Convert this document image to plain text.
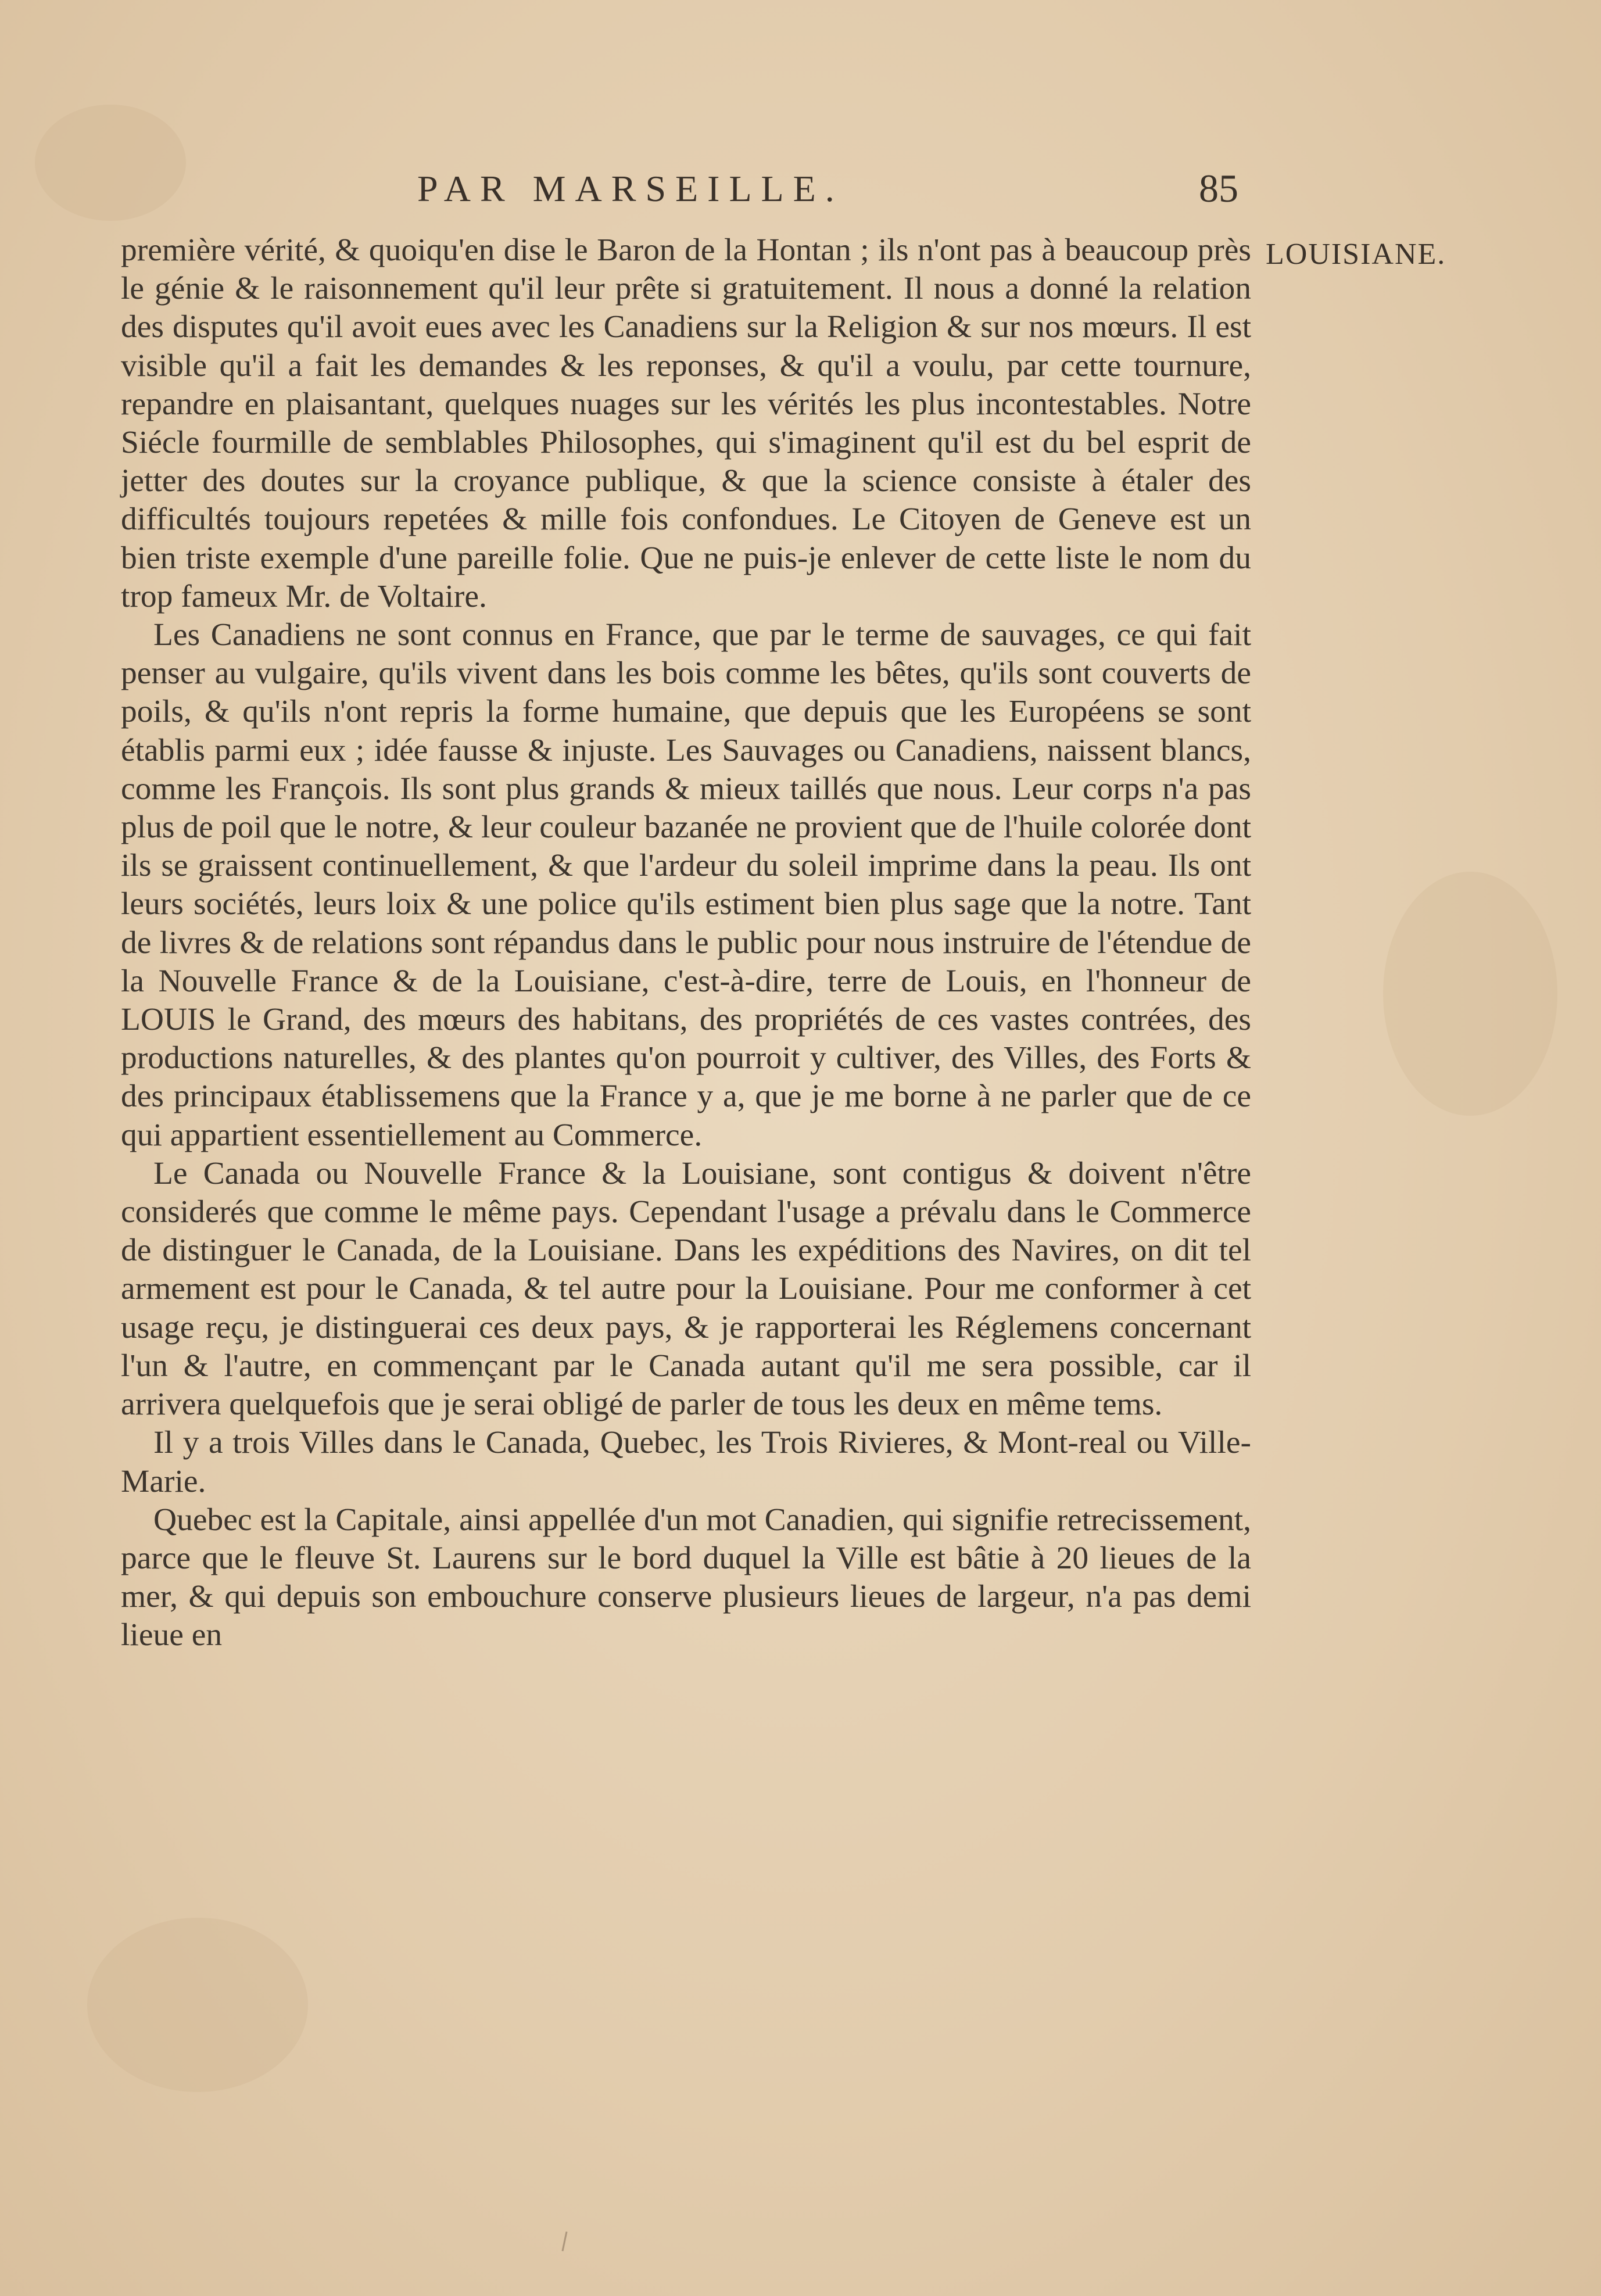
PAR MARSEILLE.	85
LOUISIANE.

première vérité, & quoiqu'en dise le Baron de la Hontan ; ils n'ont pas à beaucoup près le génie & le raisonnement qu'il leur prête si gratuitement. Il nous a donné la relation des disputes qu'il avoit eues avec les Canadiens sur la Religion & sur nos mœurs. Il est visible qu'il a fait les demandes & les reponses, & qu'il a voulu, par cette tournure, repandre en plaisantant, quelques nuages sur les vérités les plus incontestables. Notre Siécle fourmille de semblables Philosophes, qui s'imaginent qu'il est du bel esprit de jetter des doutes sur la croyance publique, & que la science consiste à étaler des difficultés toujours repetées & mille fois confondues. Le Citoyen de Geneve est un bien triste exemple d'une pareille folie. Que ne puis-je enlever de cette liste le nom du trop fameux Mr. de Voltaire.

Les Canadiens ne sont connus en France, que par le terme de sauvages, ce qui fait penser au vulgaire, qu'ils vivent dans les bois comme les bêtes, qu'ils sont couverts de poils, & qu'ils n'ont repris la forme humaine, que depuis que les Européens se sont établis parmi eux ; idée fausse & injuste. Les Sauvages ou Canadiens, naissent blancs, comme les François. Ils sont plus grands & mieux taillés que nous. Leur corps n'a pas plus de poil que le notre, & leur couleur bazanée ne provient que de l'huile colorée dont ils se graissent continuellement, & que l'ardeur du soleil imprime dans la peau. Ils ont leurs sociétés, leurs loix & une police qu'ils estiment bien plus sage que la notre. Tant de livres & de relations sont répandus dans le public pour nous instruire de l'étendue de la Nouvelle France & de la Louisiane, c'est-à-dire, terre de Louis, en l'honneur de LOUIS le Grand, des mœurs des habitans, des propriétés de ces vastes contrées, des productions naturelles, & des plantes qu'on pourroit y cultiver, des Villes, des Forts & des principaux établissemens que la France y a, que je me borne à ne parler que de ce qui appartient essentiellement au Commerce.

Le Canada ou Nouvelle France & la Louisiane, sont contigus & doivent n'être considerés que comme le même pays. Cependant l'usage a prévalu dans le Commerce de distinguer le Canada, de la Louisiane. Dans les expéditions des Navires, on dit tel armement est pour le Canada, & tel autre pour la Louisiane. Pour me conformer à cet usage reçu, je distinguerai ces deux pays, & je rapporterai les Réglemens concernant l'un & l'autre, en commençant par le Canada autant qu'il me sera possible, car il arrivera quelquefois que je serai obligé de parler de tous les deux en même tems.

Il y a trois Villes dans le Canada, Quebec, les Trois Rivieres, & Mont-real ou Ville-Marie.

Quebec est la Capitale, ainsi appellée d'un mot Canadien, qui signifie retrecissement, parce que le fleuve St. Laurens sur le bord duquel la Ville est bâtie à 20 lieues de la mer, & qui depuis son embouchure conserve plusieurs lieues de largeur, n'a pas demi lieue en
